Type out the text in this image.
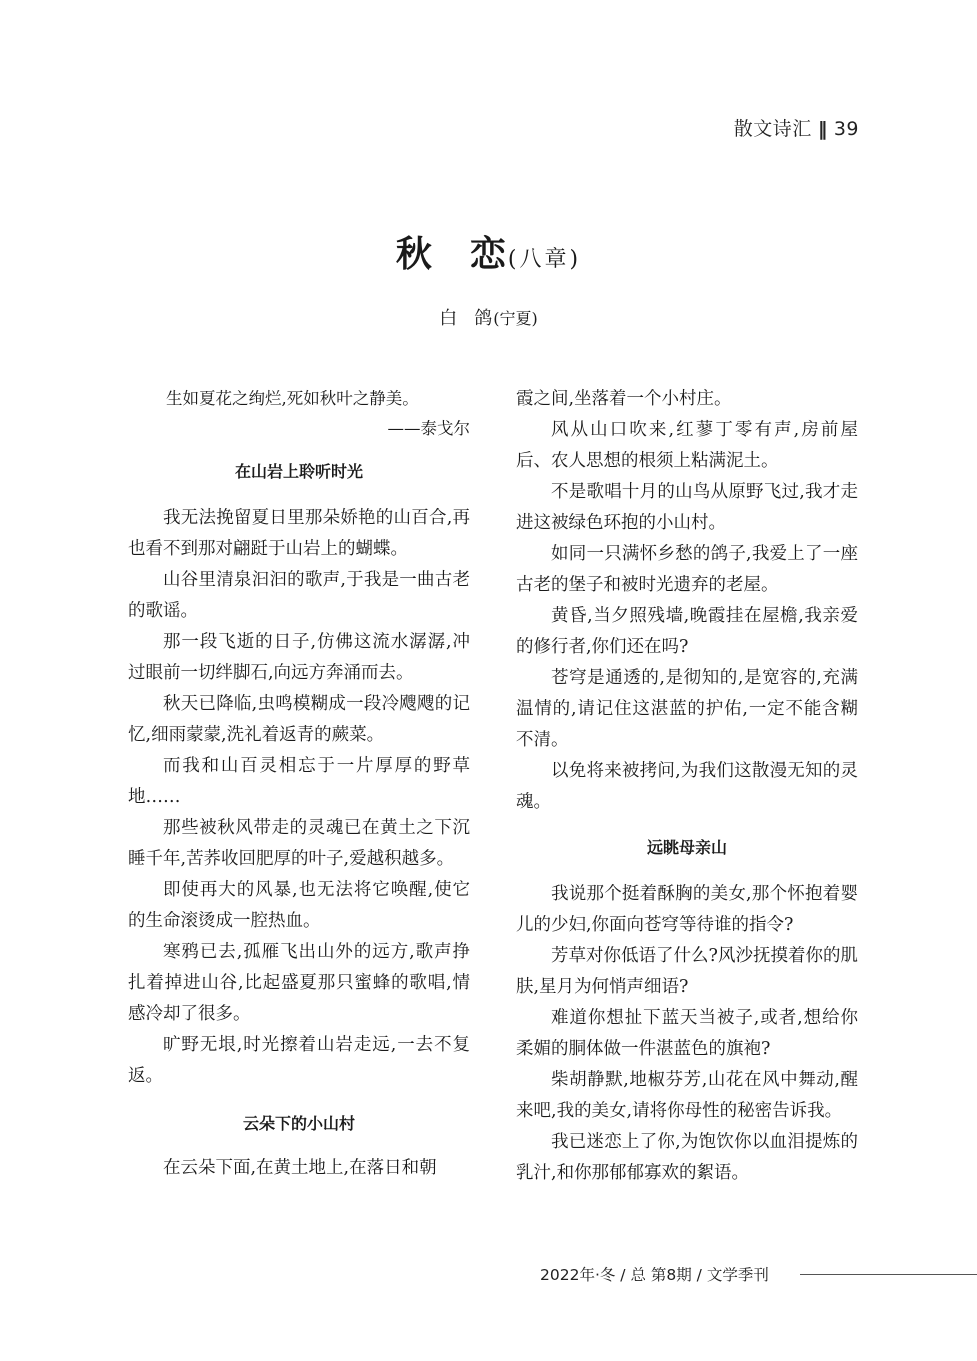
散文诗汇 ‖ 39
秋 恋(八章)
白 鸽(宁夏)
生如夏花之绚烂,死如秋叶之静美。
——泰戈尔
在山岩上聆听时光

我无法挽留夏日里那朵娇艳的山百合,再也看不到那对翩跹于山岩上的蝴蝶。

山谷里清泉汩汩的歌声,于我是一曲古老的歌谣。

那一段飞逝的日子,仿佛这流水潺潺,冲过眼前一切绊脚石,向远方奔涌而去。

秋天已降临,虫鸣模糊成一段冷飕飕的记忆,细雨蒙蒙,洗礼着返青的蕨菜。

而我和山百灵相忘于一片厚厚的野草地……

那些被秋风带走的灵魂已在黄土之下沉睡千年,苦荞收回肥厚的叶子,爱越积越多。

即使再大的风暴,也无法将它唤醒,使它的生命滚烫成一腔热血。

寒鸦已去,孤雁飞出山外的远方,歌声挣扎着掉进山谷,比起盛夏那只蜜蜂的歌唱,情感冷却了很多。

旷野无垠,时光擦着山岩走远,一去不复返。

云朵下的小山村

在云朵下面,在黄土地上,在落日和朝

霞之间,坐落着一个小村庄。

风从山口吹来,红蓼丁零有声,房前屋后、农人思想的根须上粘满泥土。

不是歌唱十月的山鸟从原野飞过,我才走进这被绿色环抱的小山村。

如同一只满怀乡愁的鸽子,我爱上了一座古老的堡子和被时光遗弃的老屋。

黄昏,当夕照残墙,晚霞挂在屋檐,我亲爱的修行者,你们还在吗?

苍穹是通透的,是彻知的,是宽容的,充满温情的,请记住这湛蓝的护佑,一定不能含糊不清。

以免将来被拷问,为我们这散漫无知的灵魂。

远眺母亲山

我说那个挺着酥胸的美女,那个怀抱着婴儿的少妇,你面向苍穹等待谁的指令?

芳草对你低语了什么?风沙抚摸着你的肌肤,星月为何悄声细语?

难道你想扯下蓝天当被子,或者,想给你柔媚的胴体做一件湛蓝色的旗袍?

柴胡静默,地椒芬芳,山花在风中舞动,醒来吧,我的美女,请将你母性的秘密告诉我。

我已迷恋上了你,为饱饮你以血泪提炼的乳汁,和你那郁郁寡欢的絮语。

2022年·冬 / 总 第8期 / 文学季刊
